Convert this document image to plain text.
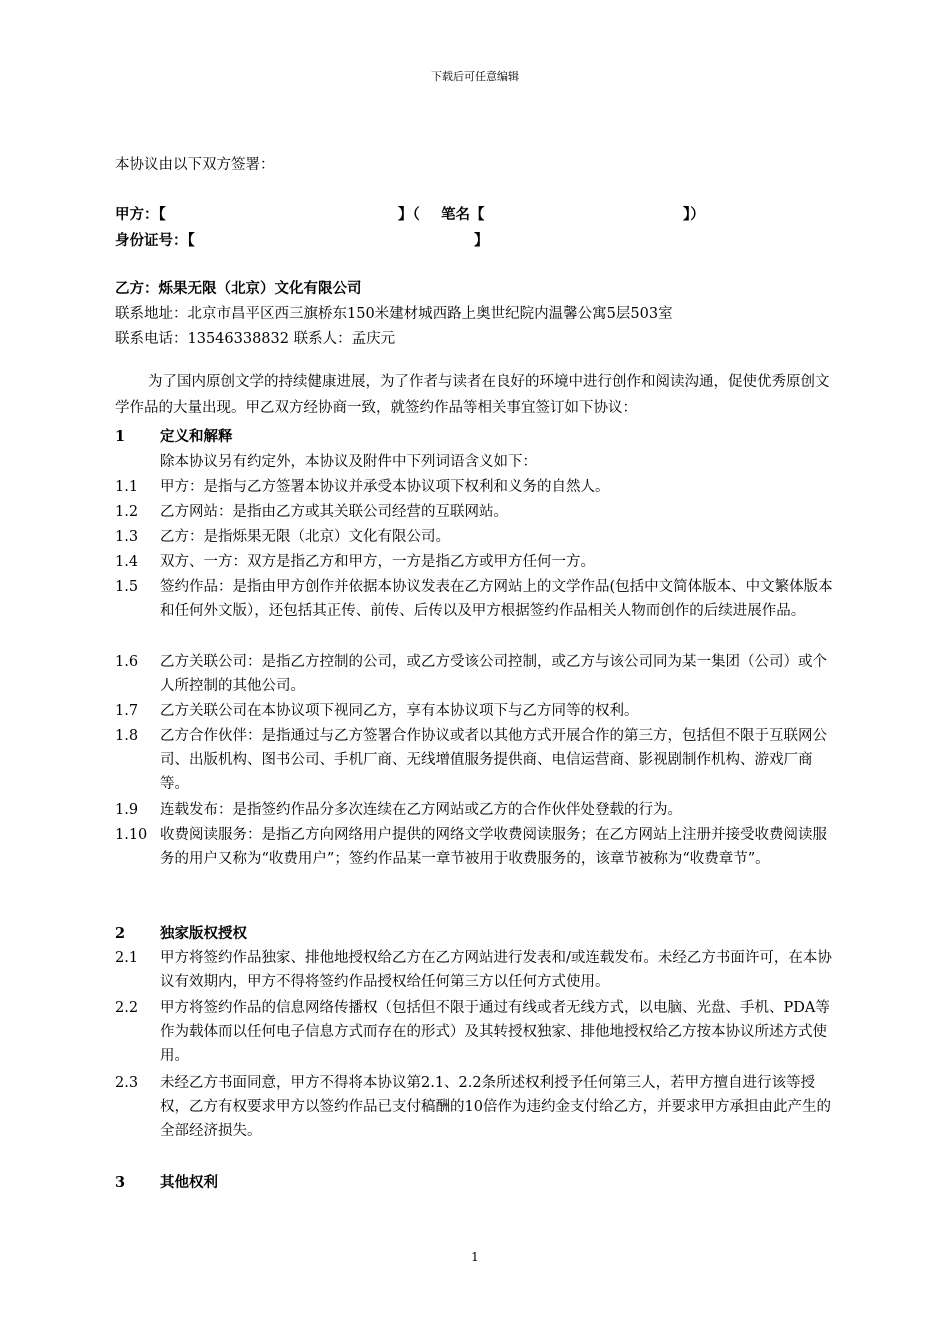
下载后可任意编辑
本协议由以下双方签署：
甲方：【	】（ 笔名【	】）
身份证号：【	】
乙方：烁果无限（北京）文化有限公司
联系地址：北京市昌平区西三旗桥东150米建材城西路上奥世纪院内温馨公寓5层503室
联系电话：13546338832 联系人：孟庆元
为了国内原创文学的持续健康进展，为了作者与读者在良好的环境中进行创作和阅读沟通，促使优秀原创文学作品的大量出现。甲乙双方经协商一致，就签约作品等相关事宜签订如下协议：
1 定义和解释
除本协议另有约定外，本协议及附件中下列词语含义如下：
1.1 甲方：是指与乙方签署本协议并承受本协议项下权利和义务的自然人。
1.2 乙方网站：是指由乙方或其关联公司经营的互联网站。
1.3 乙方：是指烁果无限（北京）文化有限公司。
1.4 双方、一方：双方是指乙方和甲方，一方是指乙方或甲方任何一方。
1.5 签约作品：是指由甲方创作并依据本协议发表在乙方网站上的文学作品(包括中文简体版本、中文繁体版本和任何外文版），还包括其正传、前传、后传以及甲方根据签约作品相关人物而创作的后续进展作品。
1.6 乙方关联公司：是指乙方控制的公司，或乙方受该公司控制，或乙方与该公司同为某一集团（公司）或个人所控制的其他公司。
1.7 乙方关联公司在本协议项下视同乙方，享有本协议项下与乙方同等的权利。
1.8 乙方合作伙伴：是指通过与乙方签署合作协议或者以其他方式开展合作的第三方，包括但不限于互联网公司、出版机构、图书公司、手机厂商、无线增值服务提供商、电信运营商、影视剧制作机构、游戏厂商等。
1.9 连载发布：是指签约作品分多次连续在乙方网站或乙方的合作伙伴处登载的行为。
1.10 收费阅读服务：是指乙方向网络用户提供的网络文学收费阅读服务；在乙方网站上注册并接受收费阅读服务的用户又称为“收费用户”；签约作品某一章节被用于收费服务的，该章节被称为“收费章节”。
2 独家版权授权
2.1 甲方将签约作品独家、排他地授权给乙方在乙方网站进行发表和/或连载发布。未经乙方书面许可，在本协议有效期内，甲方不得将签约作品授权给任何第三方以任何方式使用。
2.2 甲方将签约作品的信息网络传播权（包括但不限于通过有线或者无线方式，以电脑、光盘、手机、PDA等作为载体而以任何电子信息方式而存在的形式）及其转授权独家、排他地授权给乙方按本协议所述方式使用。
2.3 未经乙方书面同意，甲方不得将本协议第2.1、2.2条所述权利授予任何第三人，若甲方擅自进行该等授权，乙方有权要求甲方以签约作品已支付稿酬的10倍作为违约金支付给乙方，并要求甲方承担由此产生的全部经济损失。
3 其他权利
1
